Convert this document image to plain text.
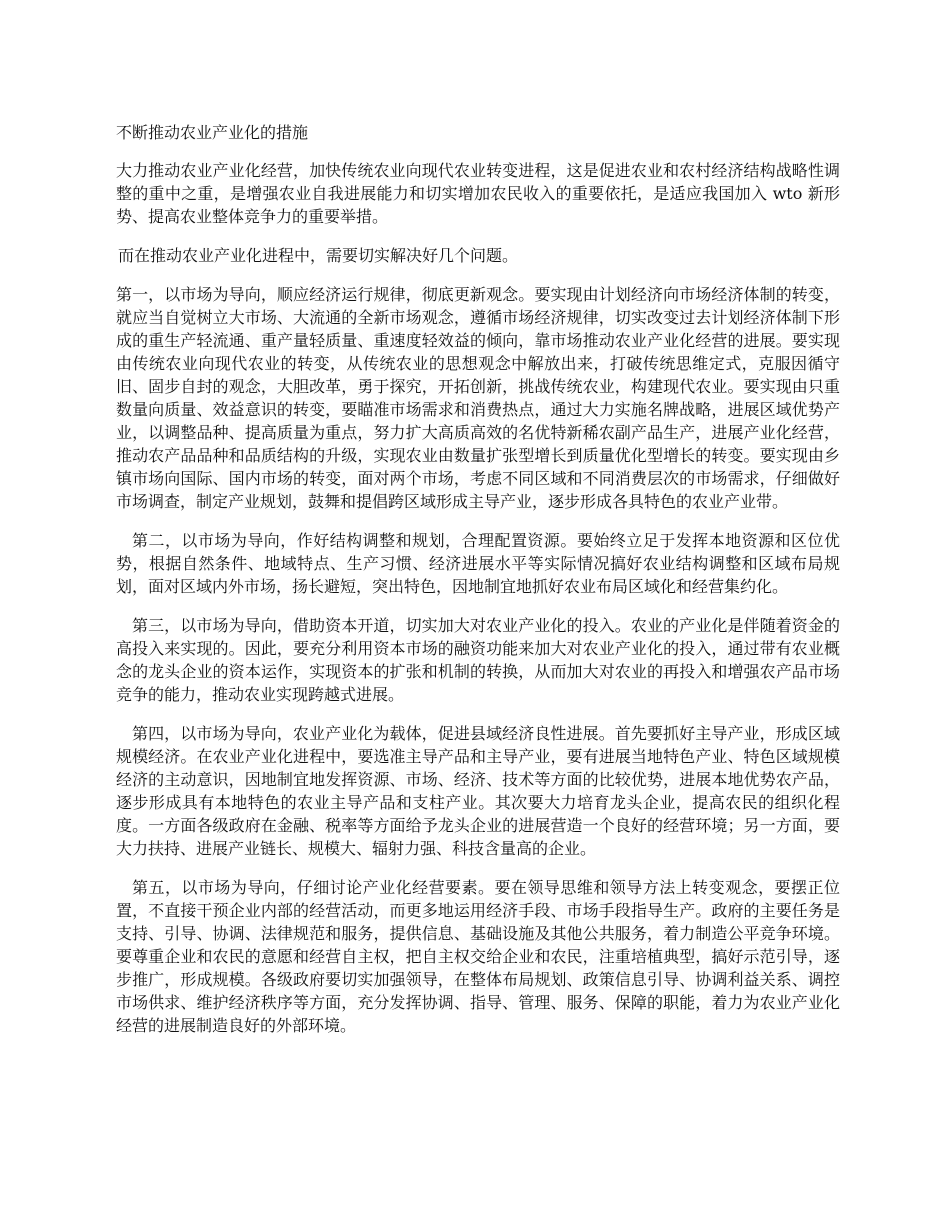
不断推动农业产业化的措施

大力推动农业产业化经营，加快传统农业向现代农业转变进程，这是促进农业和农村经济结构战略性调整的重中之重，是增强农业自我进展能力和切实增加农民收入的重要依托，是适应我国加入 wto 新形势、提高农业整体竞争力的重要举措。

而在推动农业产业化进程中，需要切实解决好几个问题。

第一，以市场为导向，顺应经济运行规律，彻底更新观念。要实现由计划经济向市场经济体制的转变，就应当自觉树立大市场、大流通的全新市场观念，遵循市场经济规律，切实改变过去计划经济体制下形成的重生产轻流通、重产量轻质量、重速度轻效益的倾向，靠市场推动农业产业化经营的进展。要实现由传统农业向现代农业的转变，从传统农业的思想观念中解放出来，打破传统思维定式，克服因循守旧、固步自封的观念，大胆改革，勇于探究，开拓创新，挑战传统农业，构建现代农业。要实现由只重数量向质量、效益意识的转变，要瞄准市场需求和消费热点，通过大力实施名牌战略，进展区域优势产业，以调整品种、提高质量为重点，努力扩大高质高效的名优特新稀农副产品生产，进展产业化经营，推动农产品品种和品质结构的升级，实现农业由数量扩张型增长到质量优化型增长的转变。要实现由乡镇市场向国际、国内市场的转变，面对两个市场，考虑不同区域和不同消费层次的市场需求，仔细做好市场调查，制定产业规划，鼓舞和提倡跨区域形成主导产业，逐步形成各具特色的农业产业带。

第二，以市场为导向，作好结构调整和规划，合理配置资源。要始终立足于发挥本地资源和区位优势，根据自然条件、地域特点、生产习惯、经济进展水平等实际情况搞好农业结构调整和区域布局规划，面对区域内外市场，扬长避短，突出特色，因地制宜地抓好农业布局区域化和经营集约化。

第三，以市场为导向，借助资本开道，切实加大对农业产业化的投入。农业的产业化是伴随着资金的高投入来实现的。因此，要充分利用资本市场的融资功能来加大对农业产业化的投入，通过带有农业概念的龙头企业的资本运作，实现资本的扩张和机制的转换，从而加大对农业的再投入和增强农产品市场竞争的能力，推动农业实现跨越式进展。

第四，以市场为导向，农业产业化为载体，促进县域经济良性进展。首先要抓好主导产业，形成区域规模经济。在农业产业化进程中，要选准主导产品和主导产业，要有进展当地特色产业、特色区域规模经济的主动意识，因地制宜地发挥资源、市场、经济、技术等方面的比较优势，进展本地优势农产品，逐步形成具有本地特色的农业主导产品和支柱产业。其次要大力培育龙头企业，提高农民的组织化程度。一方面各级政府在金融、税率等方面给予龙头企业的进展营造一个良好的经营环境；另一方面，要大力扶持、进展产业链长、规模大、辐射力强、科技含量高的企业。

第五，以市场为导向，仔细讨论产业化经营要素。要在领导思维和领导方法上转变观念，要摆正位置，不直接干预企业内部的经营活动，而更多地运用经济手段、市场手段指导生产。政府的主要任务是支持、引导、协调、法律规范和服务，提供信息、基础设施及其他公共服务，着力制造公平竞争环境。要尊重企业和农民的意愿和经营自主权，把自主权交给企业和农民，注重培植典型，搞好示范引导，逐步推广，形成规模。各级政府要切实加强领导，在整体布局规划、政策信息引导、协调利益关系、调控市场供求、维护经济秩序等方面，充分发挥协调、指导、管理、服务、保障的职能，着力为农业产业化经营的进展制造良好的外部环境。
